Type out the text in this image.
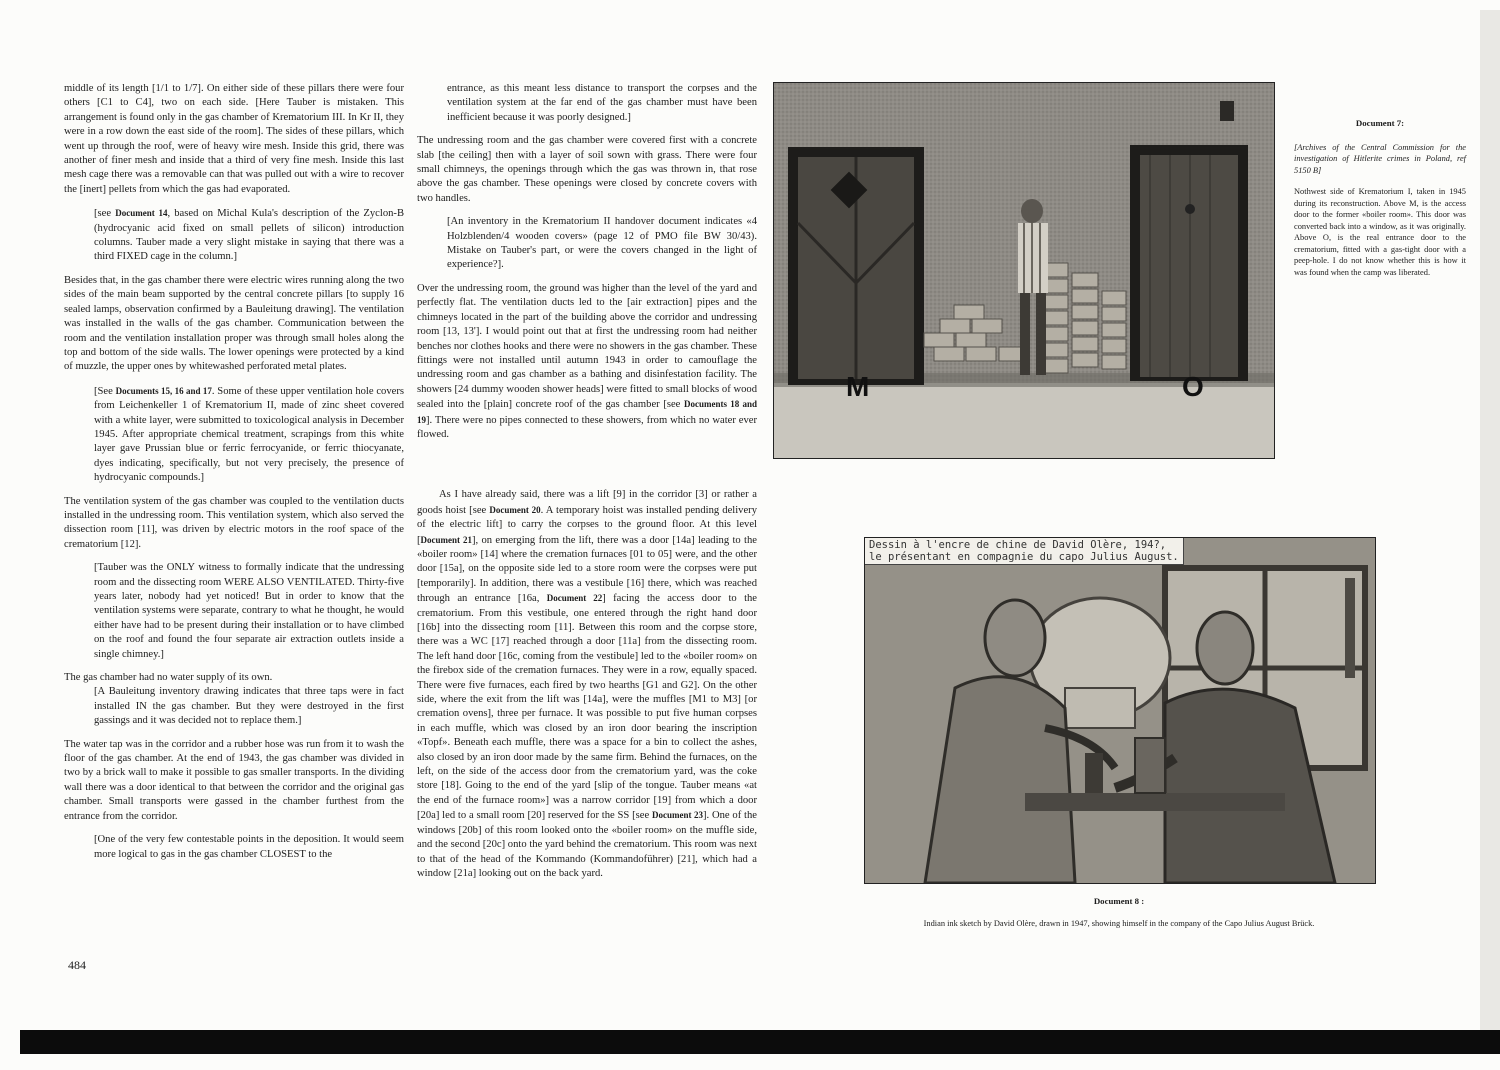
middle of its length [1/1 to 1/7]. On either side of these pillars there were four others [C1 to C4], two on each side. [Here Tauber is mistaken. This arrangement is found only in the gas chamber of Krematorium III. In Kr II, they were in a row down the east side of the room]. The sides of these pillars, which went up through the roof, were of heavy wire mesh. Inside this grid, there was another of finer mesh and inside that a third of very fine mesh. Inside this last mesh cage there was a removable can that was pulled out with a wire to recover the [inert] pellets from which the gas had evaporated.

[see Document 14, based on Michal Kula's description of the Zyclon-B (hydrocyanic acid fixed on small pellets of silicon) introduction columns. Tauber made a very slight mistake in saying that there was a third FIXED cage in the column.]

Besides that, in the gas chamber there were electric wires running along the two sides of the main beam supported by the central concrete pillars [to supply 16 sealed lamps, observation confirmed by a Bauleitung drawing]. The ventilation was installed in the walls of the gas chamber. Communication between the room and the ventilation installation proper was through small holes along the top and bottom of the side walls. The lower openings were protected by a kind of muzzle, the upper ones by whitewashed perforated metal plates.

[See Documents 15, 16 and 17. Some of these upper ventilation hole covers from Leichenkeller 1 of Krematorium II, made of zinc sheet covered with a white layer, were submitted to toxicological analysis in December 1945. After appropriate chemical treatment, scrapings from this white layer gave Prussian blue or ferric ferrocyanide, or ferric thiocyanate, dyes indicating, specifically, but not very precisely, the presence of hydrocyanic compounds.]

The ventilation system of the gas chamber was coupled to the ventilation ducts installed in the undressing room. This ventilation system, which also served the dissection room [11], was driven by electric motors in the roof space of the crematorium [12].

[Tauber was the ONLY witness to formally indicate that the undressing room and the dissecting room WERE ALSO VENTILATED. Thirty-five years later, nobody had yet noticed! But in order to know that the ventilation systems were separate, contrary to what he thought, he would either have had to be present during their installation or to have climbed on the roof and found the four separate air extraction outlets inside a single chimney.]

The gas chamber had no water supply of its own.

[A Bauleitung inventory drawing indicates that three taps were in fact installed IN the gas chamber. But they were destroyed in the first gassings and it was decided not to replace them.]

The water tap was in the corridor and a rubber hose was run from it to wash the floor of the gas chamber. At the end of 1943, the gas chamber was divided in two by a brick wall to make it possible to gas smaller transports. In the dividing wall there was a door identical to that between the corridor and the original gas chamber. Small transports were gassed in the chamber furthest from the entrance from the corridor.

[One of the very few contestable points in the deposition. It would seem more logical to gas in the gas chamber CLOSEST to the

entrance, as this meant less distance to transport the corpses and the ventilation system at the far end of the gas chamber must have been inefficient because it was poorly designed.]

The undressing room and the gas chamber were covered first with a concrete slab [the ceiling] then with a layer of soil sown with grass. There were four small chimneys, the openings through which the gas was thrown in, that rose above the gas chamber. These openings were closed by concrete covers with two handles.

[An inventory in the Krematorium II handover document indicates «4 Holzblenden/4 wooden covers» (page 12 of PMO file BW 30/43). Mistake on Tauber's part, or were the covers changed in the light of experience?].

Over the undressing room, the ground was higher than the level of the yard and perfectly flat. The ventilation ducts led to the [air extraction] pipes and the chimneys located in the part of the building above the corridor and undressing room [13, 13']. I would point out that at first the undressing room had neither benches nor clothes hooks and there were no showers in the gas chamber. These fittings were not installed until autumn 1943 in order to camouflage the undressing room and gas chamber as a bathing and disinfestation facility. The showers [24 dummy wooden shower heads] were fitted to small blocks of wood sealed into the [plain] concrete roof of the gas chamber [see Documents 18 and 19]. There were no pipes connected to these showers, from which no water ever flowed.

As I have already said, there was a lift [9] in the corridor [3] or rather a goods hoist [see Document 20. A temporary hoist was installed pending delivery of the electric lift] to carry the corpses to the ground floor. At this level [Document 21], on emerging from the lift, there was a door [14a] leading to the «boiler room» [14] where the cremation furnaces [01 to 05] were, and the other door [15a], on the opposite side led to a store room were the corpses were put [temporarily]. In addition, there was a vestibule [16] there, which was reached through an entrance [16a, Document 22] facing the access door to the crematorium. From this vestibule, one entered through the right hand door [16b] into the dissecting room [11]. Between this room and the corpse store, there was a WC [17] reached through a door [11a] from the dissecting room. The left hand door [16c, coming from the vestibule] led to the «boiler room» on the firebox side of the cremation furnaces. They were in a row, equally spaced. There were five furnaces, each fired by two hearths [G1 and G2]. On the other side, where the exit from the lift was [14a], were the muffles [M1 to M3] [or cremation ovens], three per furnace. It was possible to put five human corpses in each muffle, which was closed by an iron door bearing the inscription «Topf». Beneath each muffle, there was a space for a bin to collect the ashes, also closed by an iron door made by the same firm. Behind the furnaces, on the left, on the side of the access door from the crematorium yard, was the coke store [18]. Going to the end of the yard [slip of the tongue. Tauber means «at the end of the furnace room»] was a narrow corridor [19] from which a door [20a] led to a small room [20] reserved for the SS [see Document 23]. One of the windows [20b] of this room looked onto the «boiler room» on the muffle side, and the second [20c] onto the yard behind the crematorium. This room was next to that of the head of the Kommando (Kommandoführer) [21], which had a window [21a] looking out on the back yard.

M	O
Document 7:
[Archives of the Central Commission for the investigation of Hitlerite crimes in Poland, ref 5150 B]
Nothwest side of Krematorium I, taken in 1945 during its reconstruction. Above M, is the access door to the former «boiler room». This door was converted back into a window, as it was originally. Above O, is the real entrance door to the crematorium, fitted with a gas-tight door with a peep-hole. I do not know whether this is how it was found when the camp was liberated.
Dessin à l'encre de chine de David Olère, 194?,
le présentant en compagnie du capo Julius August.
Document 8 :
Indian ink sketch by David Olère, drawn in 1947, showing himself in the company of the Capo Julius August Brück.
484
